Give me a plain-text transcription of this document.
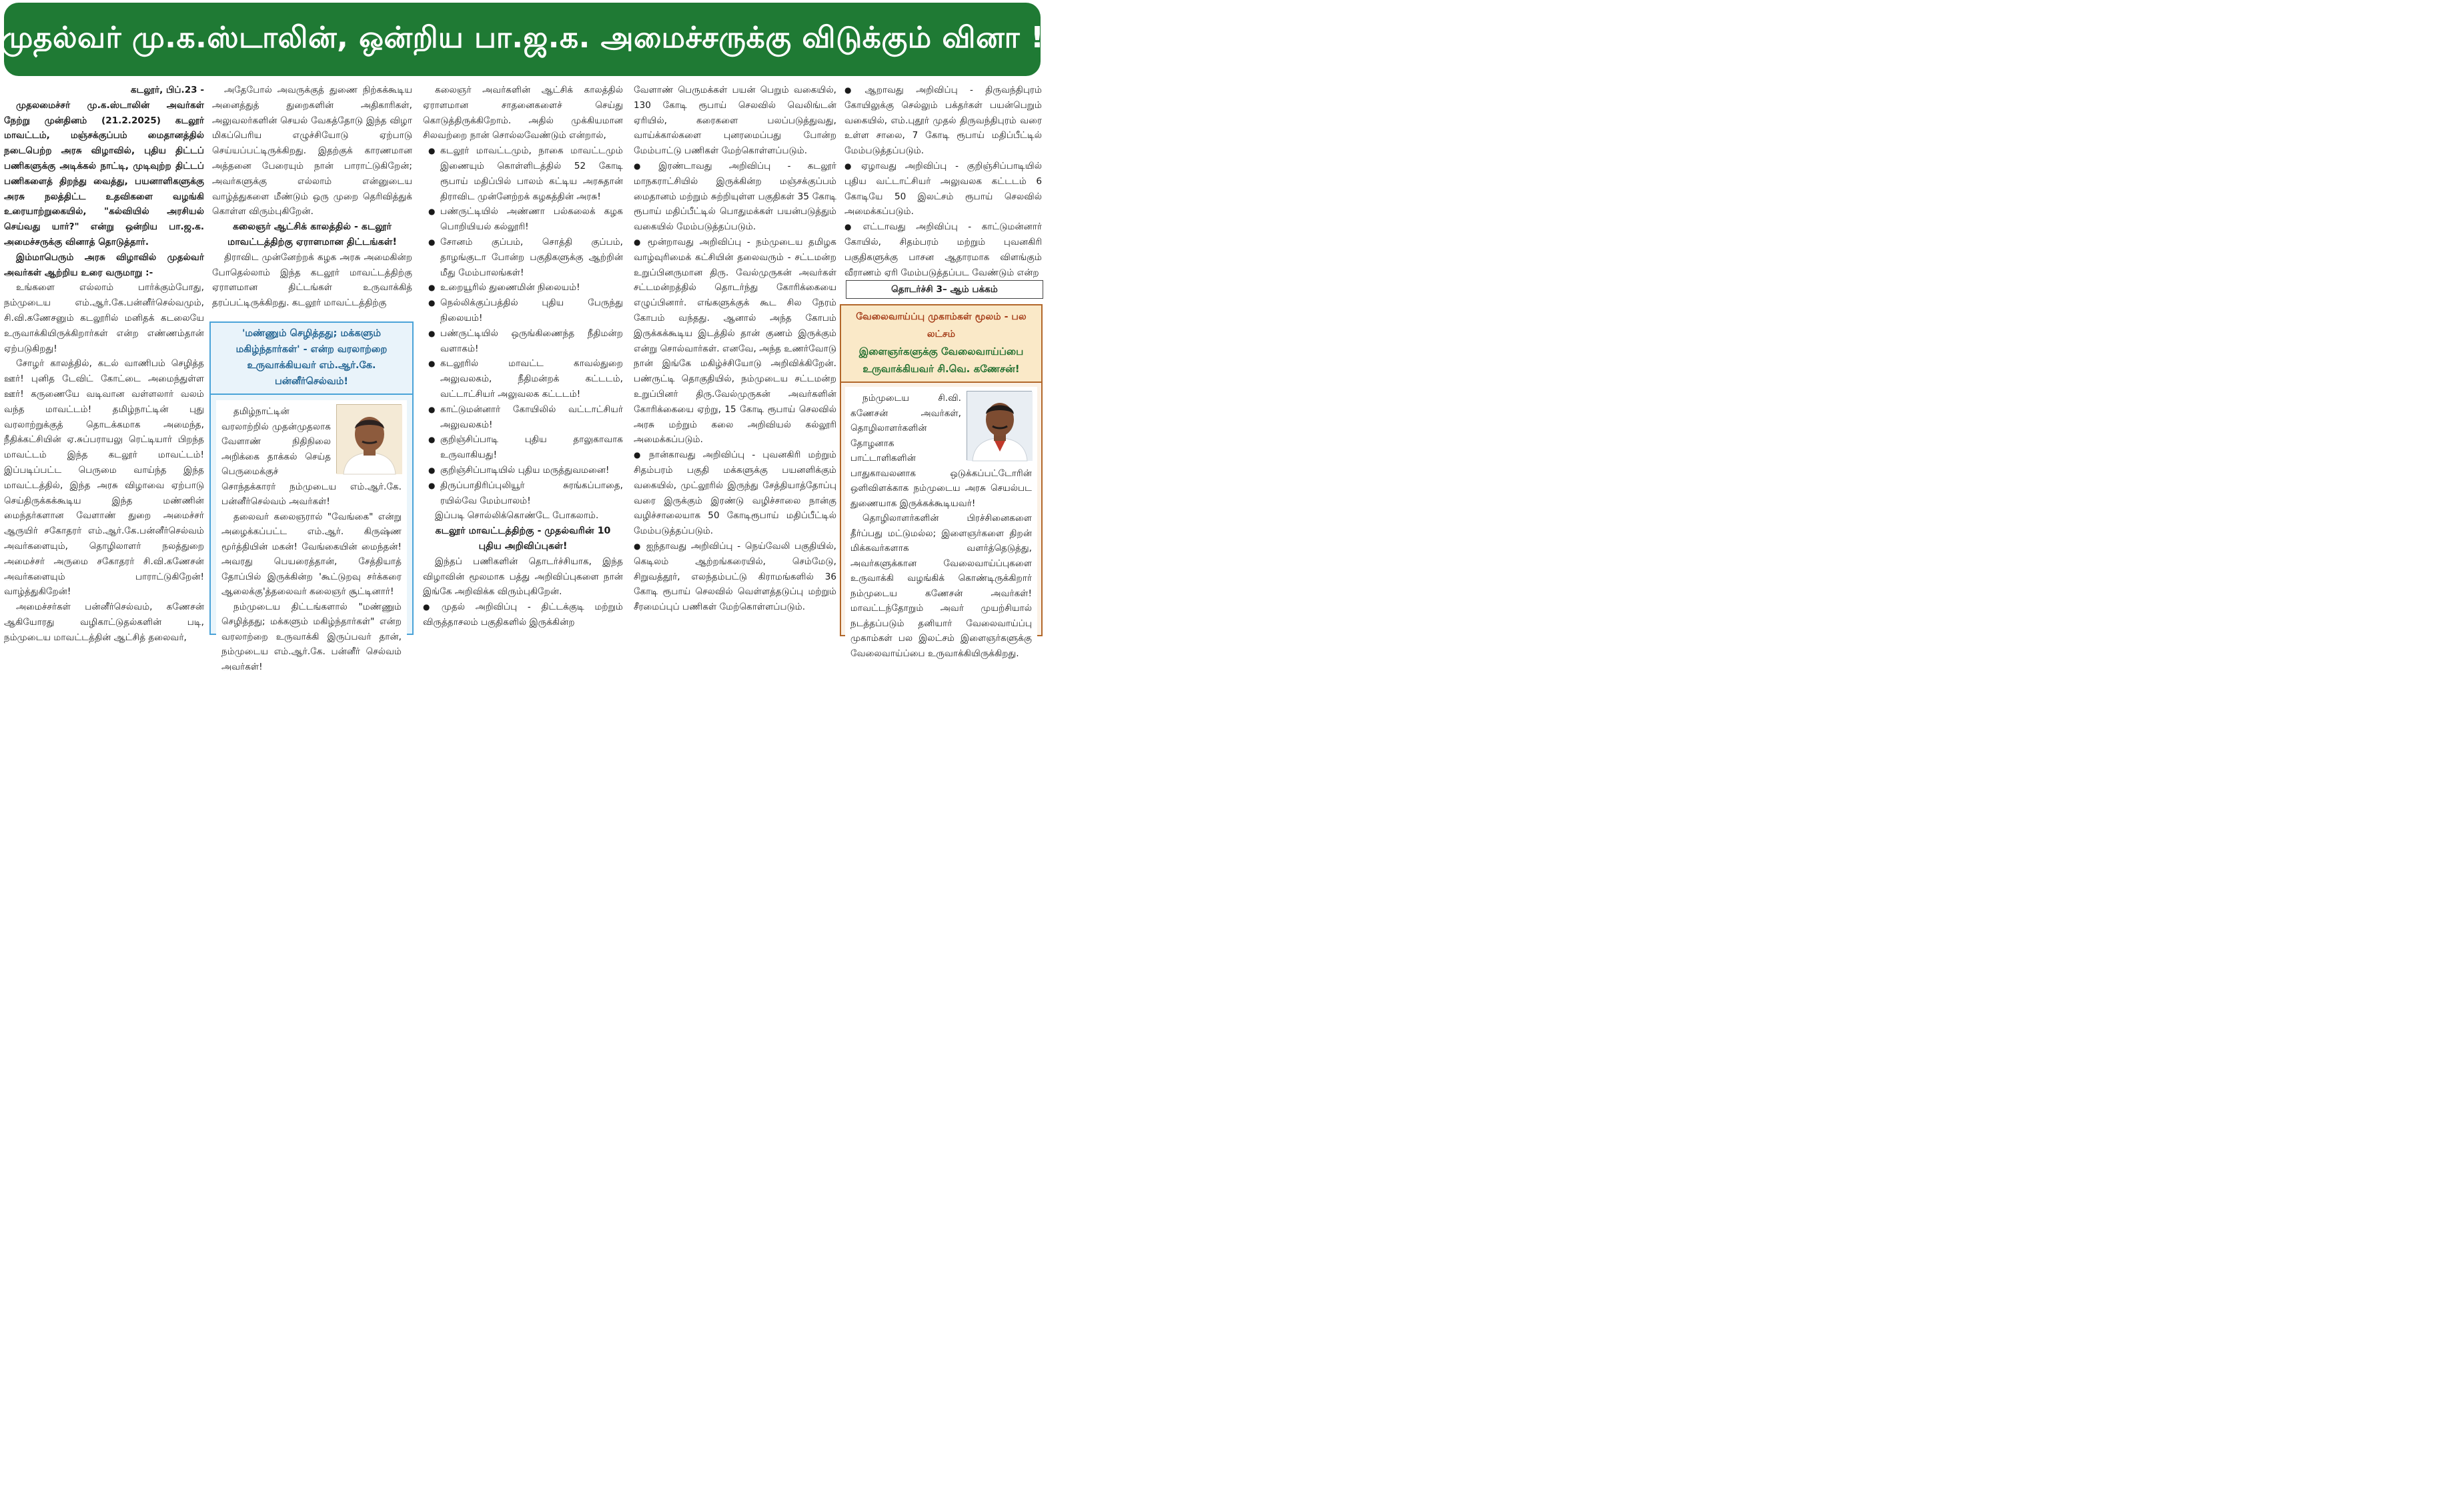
முதல்வர் மு.க.ஸ்டாலின், ஒன்றிய பா.ஜ.க. அமைச்சருக்கு விடுக்கும் வினா !

கடலூர், பிப்.23 -

முதலமைச்சர் மு.க.ஸ்டாலின் அவர்கள் நேற்று முன்தினம் (21.2.2025) கடலூர் மாவட்டம், மஞ்சக்குப்பம் மைதானத்தில் நடைபெற்ற அரசு விழாவில், புதிய திட்டப் பணிகளுக்கு அடிக்கல் நாட்டி, முடிவுற்ற திட்டப் பணிகளைத் திறந்து வைத்து, பயனாளிகளுக்கு அரசு நலத்திட்ட உதவிகளை வழங்கி உரையாற்றுகையில், "கல்வியில் அரசியல் செய்வது யார்?" என்று ஒன்றிய பா.ஜ.க. அமைச்சருக்கு வினாத் தொடுத்தார்.

இம்மாபெரும் அரசு விழாவில் முதல்வர் அவர்கள் ஆற்றிய உரை வருமாறு :-

உங்களை எல்லாம் பார்க்கும்போது, நம்முடைய எம்.ஆர்.கே.பன்னீர்செல்வமும், சி.வி.கணேசனும் கடலூரில் மனிதக் கடலையே உருவாக்கியிருக்கிறார்கள் என்ற எண்ணம்தான் ஏற்படுகிறது!

சோழர் காலத்தில், கடல் வாணிபம் செழித்த ஊர்! புனித டேவிட் கோட்டை அமைந்துள்ள ஊர்! கருணையே வடிவான வள்ளலார் வலம் வந்த மாவட்டம்! தமிழ்நாட்டின் புது வரலாற்றுக்குத் தொடக்கமாக அமைந்த, நீதிக்கட்சியின் ஏ.சுப்பராயலு ரெட்டியார் பிறந்த மாவட்டம் இந்த கடலூர் மாவட்டம்! இப்படிப்பட்ட பெருமை வாய்ந்த இந்த மாவட்டத்தில், இந்த அரசு விழாவை ஏற்பாடு செய்திருக்கக்கூடிய இந்த மண்ணின் மைந்தர்களான வேளாண் துறை அமைச்சர் ஆருயிர் சகோதரர் எம்.ஆர்.கே.பன்னீர்செல்வம் அவர்களையும், தொழிலாளர் நலத்துறை அமைச்சர் அருமை சகோதரர் சி.வி.கணேசன் அவர்களையும் பாராட்டுகிறேன்! வாழ்த்துகிறேன்!

அமைச்சர்கள் பன்னீர்செல்வம், கணேசன் ஆகியோரது வழிகாட்டுதல்களின் படி, நம்முடைய மாவட்டத்தின் ஆட்சித் தலைவர்,

அதேபோல் அவருக்குத் துணை நிற்கக்கூடிய அனைத்துத் துறைகளின் அதிகாரிகள், அலுவலர்களின் செயல் வேகத்தோடு இந்த விழா மிகப்பெரிய எழுச்சியோடு ஏற்பாடு செய்யப்பட்டிருக்கிறது. இதற்குக் காரணமான அத்தனை பேரையும் நான் பாராட்டுகிறேன்; அவர்களுக்கு எல்லாம் என்னுடைய வாழ்த்துகளை மீண்டும் ஒரு முறை தெரிவித்துக் கொள்ள விரும்புகிறேன்.

கலைஞர் ஆட்சிக் காலத்தில் - கடலூர் மாவட்டத்திற்கு ஏராளமான திட்டங்கள்!

திராவிட முன்னேற்றக் கழக அரசு அமைகின்ற போதெல்லாம் இந்த கடலூர் மாவட்டத்திற்கு ஏராளமான திட்டங்கள் உருவாக்கித் தரப்பட்டிருக்கிறது. கடலூர் மாவட்டத்திற்கு

'மண்ணும் செழித்தது; மக்களும் மகிழ்ந்தார்கள்' - என்ற வரலாற்றை உருவாக்கியவர் எம்.ஆர்.கே. பன்னீர்செல்வம்!

தமிழ்நாட்டின் வரலாற்றில் முதன்முதலாக வேளாண் நிதிநிலை அறிக்கை தாக்கல் செய்த பெருமைக்குச் சொந்தக்காரர் நம்முடைய எம்.ஆர்.கே. பன்னீர்செல்வம் அவர்கள்!

தலைவர் கலைஞரால் "வேங்கை" என்று அழைக்கப்பட்ட எம்.ஆர். கிருஷ்ண மூர்த்தியின் மகன்! வேங்கையின் மைந்தன்! அவரது பெயரைத்தான், சேத்தியாத் தோப்பில் இருக்கின்ற 'கூட்டுறவு சர்க்கரை ஆலைக்கு'த்தலைவர் கலைஞர் சூட்டினார்!

நம்முடைய திட்டங்களால் "மண்ணும் செழித்தது; மக்களும் மகிழ்ந்தார்கள்" என்ற வரலாற்றை உருவாக்கி இருப்பவர் தான், நம்முடைய எம்.ஆர்.கே. பன்னீர் செல்வம் அவர்கள்!

கலைஞர் அவர்களின் ஆட்சிக் காலத்தில் ஏராளமான சாதனைகளைச் செய்து கொடுத்திருக்கிறோம். அதில் முக்கியமான சிலவற்றை நான் சொல்லவேண்டும் என்றால்,

● கடலூர் மாவட்டமும், நாகை மாவட்டமும் இணையும் கொள்ளிடத்தில் 52 கோடி ரூபாய் மதிப்பில் பாலம் கட்டிய அரசுதான் திராவிட முன்னேற்றக் கழகத்தின் அரசு!
● பண்ருட்டியில் அண்ணா பல்கலைக் கழக பொறியியல் கல்லூரி!
● சோனம் குப்பம், சொத்தி குப்பம், தாழங்குடா போன்ற பகுதிகளுக்கு ஆற்றின் மீது மேம்பாலங்கள்!
● உறையூரில் துணைமின் நிலையம்!
● நெல்லிக்குப்பத்தில் புதிய பேருந்து நிலையம்!
● பண்ருட்டியில் ஒருங்கிணைந்த நீதிமன்ற வளாகம்!
● கடலூரில் மாவட்ட காவல்துறை அலுவலகம், நீதிமன்றக் கட்டடம், வட்டாட்சியர் அலுவலக கட்டடம்!
● காட்டுமன்னார் கோயிலில் வட்டாட்சியர் அலுவலகம்!
● குறிஞ்சிப்பாடி புதிய தாலுகாவாக உருவாகியது!
● குறிஞ்சிப்பாடியில் புதிய மருத்துவமனை!
● திருப்பாதிரிப்புலியூர் சுரங்கப்பாதை, ரயில்வே மேம்பாலம்!

இப்படி சொல்லிக்கொண்டே போகலாம்.

கடலூர் மாவட்டத்திற்கு - முதல்வரின் 10 புதிய அறிவிப்புகள்!

இந்தப் பணிகளின் தொடர்ச்சியாக, இந்த விழாவின் மூலமாக பத்து அறிவிப்புகளை நான் இங்கே அறிவிக்க விரும்புகிறேன்.

● முதல் அறிவிப்பு - திட்டக்குடி மற்றும் விருத்தாசலம் பகுதிகளில் இருக்கின்ற

வேளாண் பெருமக்கள் பயன் பெறும் வகையில், 130 கோடி ரூபாய் செலவில் வெலிங்டன் ஏரியில், கரைகளை பலப்படுத்துவது, வாய்க்கால்களை புனரமைப்பது போன்ற மேம்பாட்டு பணிகள் மேற்கொள்ளப்படும்.

● இரண்டாவது அறிவிப்பு - கடலூர் மாநகராட்சியில் இருக்கின்ற மஞ்சக்குப்பம் மைதானம் மற்றும் சுற்றியுள்ள பகுதிகள் 35 கோடி ரூபாய் மதிப்பீட்டில் பொதுமக்கள் பயன்படுத்தும் வகையில் மேம்படுத்தப்படும்.

● மூன்றாவது அறிவிப்பு - நம்முடைய தமிழக வாழ்வுரிமைக் கட்சியின் தலைவரும் - சட்டமன்ற உறுப்பினருமான திரு. வேல்முருகன் அவர்கள் சட்டமன்றத்தில் தொடர்ந்து கோரிக்கையை எழுப்பினார். எங்களுக்குக் கூட சில நேரம் கோபம் வந்தது. ஆனால் அந்த கோபம் இருக்கக்கூடிய இடத்தில் தான் குணம் இருக்கும் என்று சொல்வார்கள். எனவே, அந்த உணர்வோடு நான் இங்கே மகிழ்ச்சியோடு அறிவிக்கிறேன். பண்ருட்டி தொகுதியில், நம்முடைய சட்டமன்ற உறுப்பினர் திரு.வேல்முருகன் அவர்களின் கோரிக்கையை ஏற்று, 15 கோடி ரூபாய் செலவில் அரசு மற்றும் கலை அறிவியல் கல்லூரி அமைக்கப்படும்.

● நான்காவது அறிவிப்பு - புவனகிரி மற்றும் சிதம்பரம் பகுதி மக்களுக்கு பயனளிக்கும் வகையில், முட்லூரில் இருந்து சேத்தியாத்தோப்பு வரை இருக்கும் இரண்டு வழிச்சாலை நான்கு வழிச்சாலையாக 50 கோடிரூபாய் மதிப்பீட்டில் மேம்படுத்தப்படும்.

● ஐந்தாவது அறிவிப்பு - நெய்வேலி பகுதியில், கெடிலம் ஆற்றங்கரையில், செம்மேடு, சிறுவத்தூர், எலந்தம்பட்டு கிராமங்களில் 36 கோடி ரூபாய் செலவில் வெள்ளத்தடுப்பு மற்றும் சீரமைப்புப் பணிகள் மேற்கொள்ளப்படும்.

● ஆறாவது அறிவிப்பு - திருவந்திபுரம் கோயிலுக்கு செல்லும் பக்தர்கள் பயன்பெறும் வகையில், எம்.புதூர் முதல் திருவந்திபுரம் வரை உள்ள சாலை, 7 கோடி ரூபாய் மதிப்பீட்டில் மேம்படுத்தப்படும்.

● ஏழாவது அறிவிப்பு - குறிஞ்சிப்பாடியில் புதிய வட்டாட்சியர் அலுவலக கட்டடம் 6 கோடியே 50 இலட்சம் ரூபாய் செலவில் அமைக்கப்படும்.

● எட்டாவது அறிவிப்பு - காட்டுமன்னார் கோயில், சிதம்பரம் மற்றும் புவனகிரி பகுதிகளுக்கு பாசன ஆதாரமாக விளங்கும் வீராணம் ஏரி மேம்படுத்தப்பட வேண்டும் என்ற

தொடர்ச்சி 3– ஆம் பக்கம்
வேலைவாய்ப்பு முகாம்கள் மூலம் - பல லட்சம்
இளைஞர்களுக்கு வேலைவாய்ப்பை உருவாக்கியவர் சி.வெ. கணேசன்!

நம்முடைய சி.வி. கணேசன் அவர்கள், தொழிலாளர்களின் தோழனாக பாட்டாளிகளின் பாதுகாவலனாக ஒடுக்கப்பட்டோரின் ஒளிவிளக்காக நம்முடைய அரசு செயல்பட துணையாக இருக்கக்கூடியவர்!

தொழிலாளர்களின் பிரச்சினைகளை தீர்ப்பது மட்டுமல்ல; இளைஞர்களை திறன் மிக்கவர்களாக வளர்த்தெடுத்து, அவர்களுக்கான வேலைவாய்ப்புகளை உருவாக்கி வழங்கிக் கொண்டிருக்கிறார் நம்முடைய கணேசன் அவர்கள்! மாவட்டந்தோறும் அவர் முயற்சியால் நடத்தப்படும் தனியார் வேலைவாய்ப்பு முகாம்கள் பல இலட்சம் இளைஞர்களுக்கு வேலைவாய்ப்பை உருவாக்கியிருக்கிறது.
